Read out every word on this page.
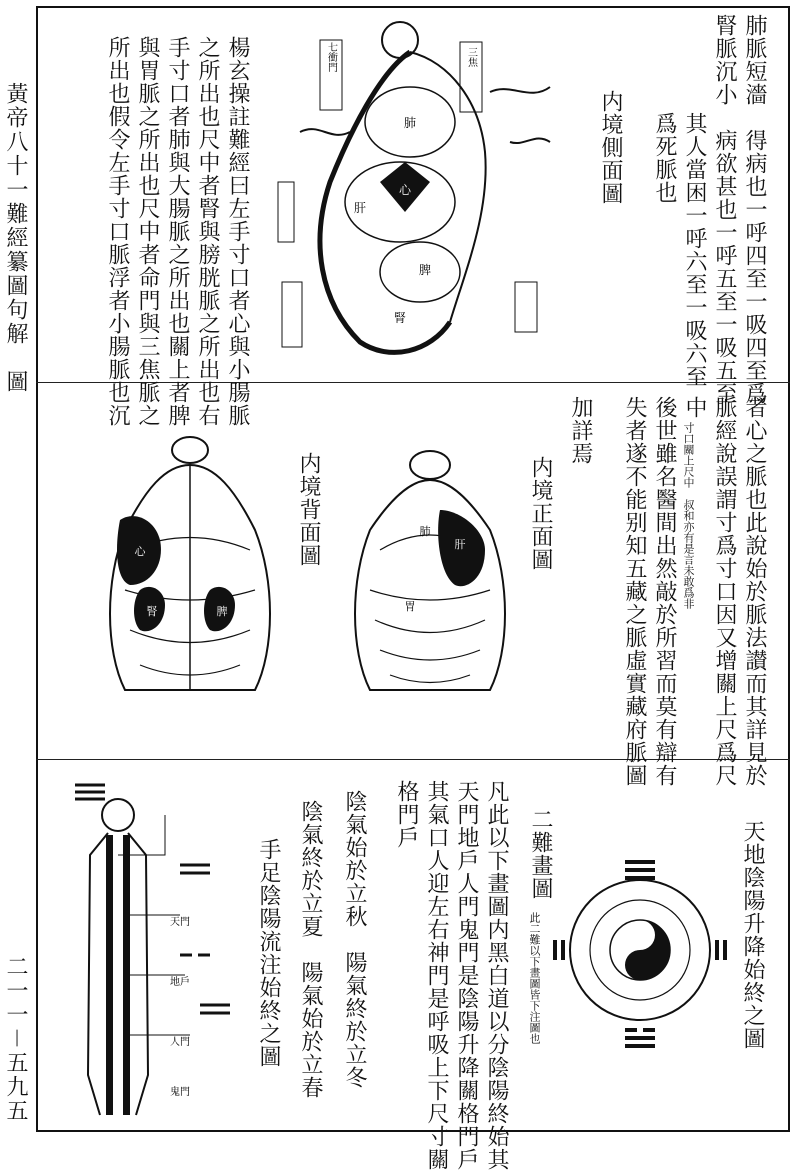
黃帝八十一難經纂圖句解　圖
二一一－五九五
肺脈短濇　得病也一呼四至一吸四至爲
腎脈沉小　病欲甚也一呼五至一吸五至
其人當困一呼六至一吸六至
爲死脈也
内境側面圖
肺
心
肝
脾
腎
七衝門	三焦
楊玄操註難經曰左手寸口者心與小腸脈
之所出也尺中者腎與膀胱脈之所出也右
手寸口者肺與大腸脈之所出也關上者脾
與胃脈之所出也尺中者命門與三焦脈之
所出也假令左手寸口脈浮者小腸脈也沉
者心之脈也此說始於脈法讃而其詳見於
脈經說誤謂寸爲寸口因又增關上尺爲尺
中
寸口關上尺中　叔和亦有是言未敢爲非
後世雖名醫間出然敲於所習而莫有辯有
失者遂不能别知五藏之脈虛實藏府脈圖
加詳焉
内境正面圖
肝
肺
胃
内境背面圖
心
腎	脾
天地陰陽升降始終之圖
二難畫圖
此二難以下畫圖皆下注圖也
凡此以下畫圖内黑白道以分陰陽終始其
天門地戶人門鬼門是陰陽升降關格門戶
其氣口人迎左右神門是呼吸上下尺寸關
格門戶
陰氣始於立秋　陽氣終於立冬
陰氣終於立夏　陽氣始於立春
手足陰陽流注始終之圖
天門
地戶
人門
鬼門
